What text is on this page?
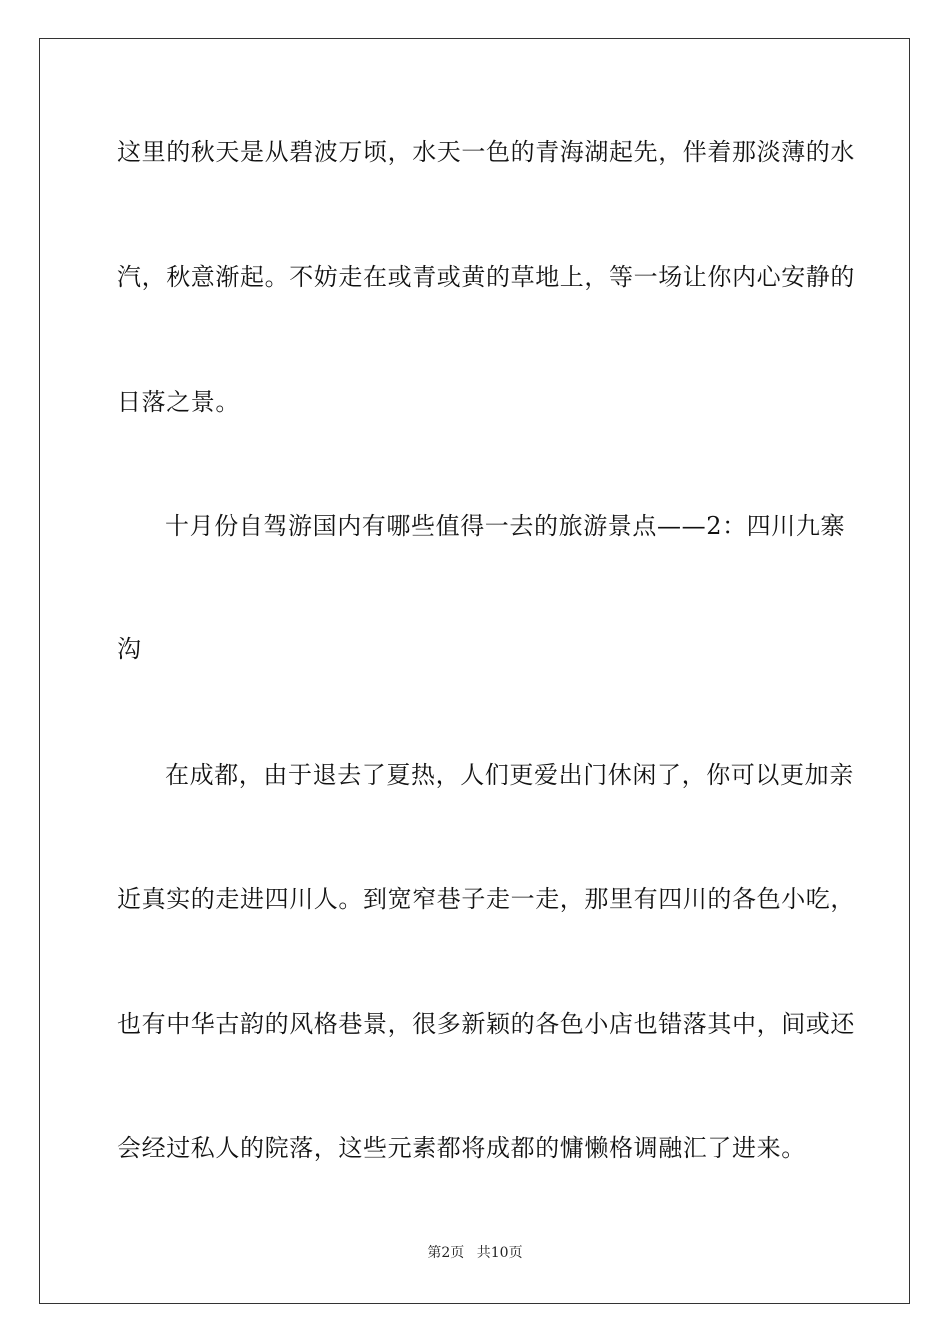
这里的秋天是从碧波万顷，水天一色的青海湖起先，伴着那淡薄的水
汽，秋意渐起。不妨走在或青或黄的草地上，等一场让你内心安静的
日落之景。
十月份自驾游国内有哪些值得一去的旅游景点——2：四川九寨
沟
在成都，由于退去了夏热，人们更爱出门休闲了，你可以更加亲
近真实的走进四川人。到宽窄巷子走一走，那里有四川的各色小吃，
也有中华古韵的风格巷景，很多新颖的各色小店也错落其中，间或还
会经过私人的院落，这些元素都将成都的慵懒格调融汇了进来。
第2页 共10页
